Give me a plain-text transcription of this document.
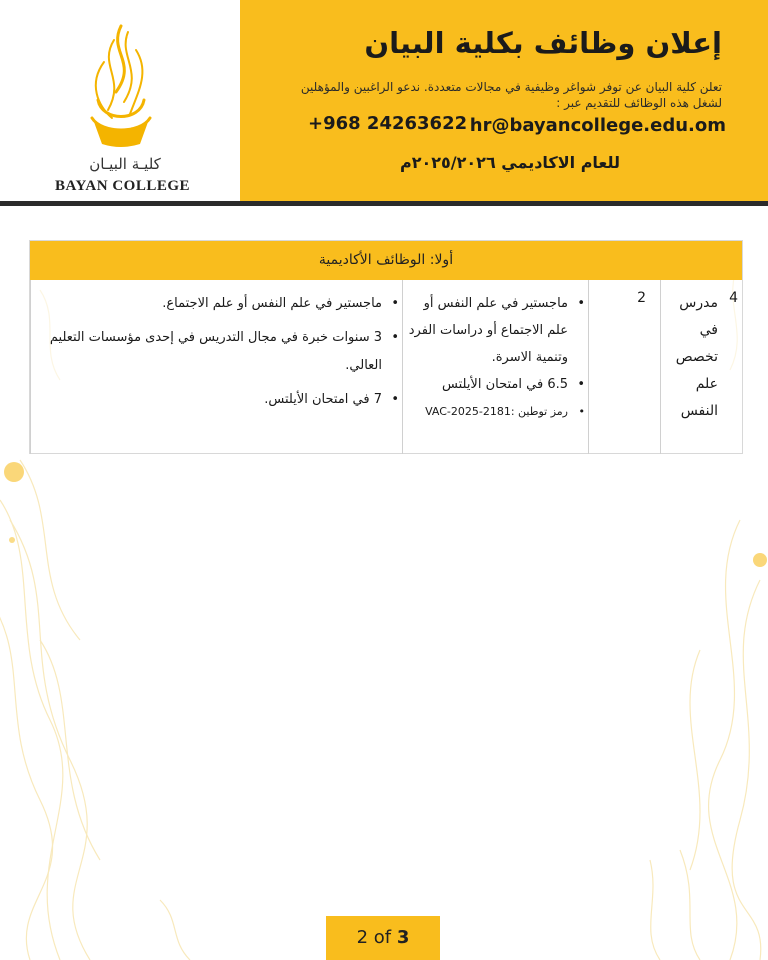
كليـة البيـان
BAYAN COLLEGE
إعلان وظائف بكلية البيان
تعلن كلية البيان عن توفر شواغر وظيفية في مجالات متعددة. ندعو الراغبين والمؤهلين لشغل هذه الوظائف للتقديم عبر :
hr@bayancollege.edu.om
+968 24263622
للعام الاكاديمي ٢٠٢٥/٢٠٢٦م
أولا: الوظائف الأكاديمية
4
مدرس في تخصص علم النفس
2
• ماجستير في علم النفس أو علم الاجتماع أو دراسات الفرد وتنمية الاسرة.
• 6.5 في امتحان الأيلتس
• رمز توطين :VAC-2025-2181
• ماجستير في علم النفس أو علم الاجتماع.
• 3 سنوات خبرة في مجال التدريس في إحدى مؤسسات التعليم العالي.
• 7 في امتحان الأيلتس.
2 of 3
